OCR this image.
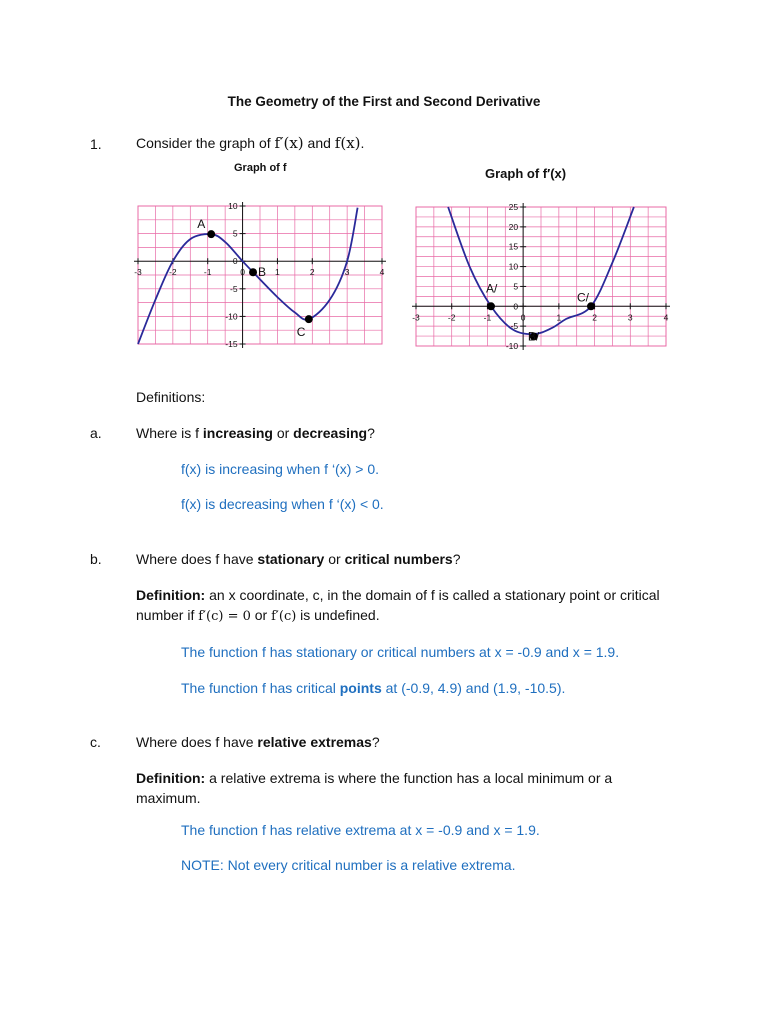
The Geometry of the First and Second Derivative
1. Consider the graph of f′(x) and f(x).
Graph of f	Graph of f′(x)
-3	-2	-1	0	1	2	3	4
10
5
0
-5
-10
-15
A
B
C
-3	-2	-1	0	1	2	3	4
25
20
15
10
5
0
-5
-10
A/
B/
C/
Definitions:
a. Where is f increasing or decreasing?
f(x) is increasing when f ‘(x) > 0.
f(x) is decreasing when f ‘(x) < 0.
b. Where does f have stationary or critical numbers?
Definition: an x coordinate, c, in the domain of f is called a stationary point or critical number if f′(c) = 0 or f′(c) is undefined.
The function f has stationary or critical numbers at x = -0.9 and x = 1.9.
The function f has critical points at (-0.9, 4.9) and (1.9, -10.5).
c.	Where does f have relative extremas?
Definition: a relative extrema is where the function has a local minimum or a maximum.
The function f has relative extrema at x = -0.9 and x = 1.9.
NOTE: Not every critical number is a relative extrema.
